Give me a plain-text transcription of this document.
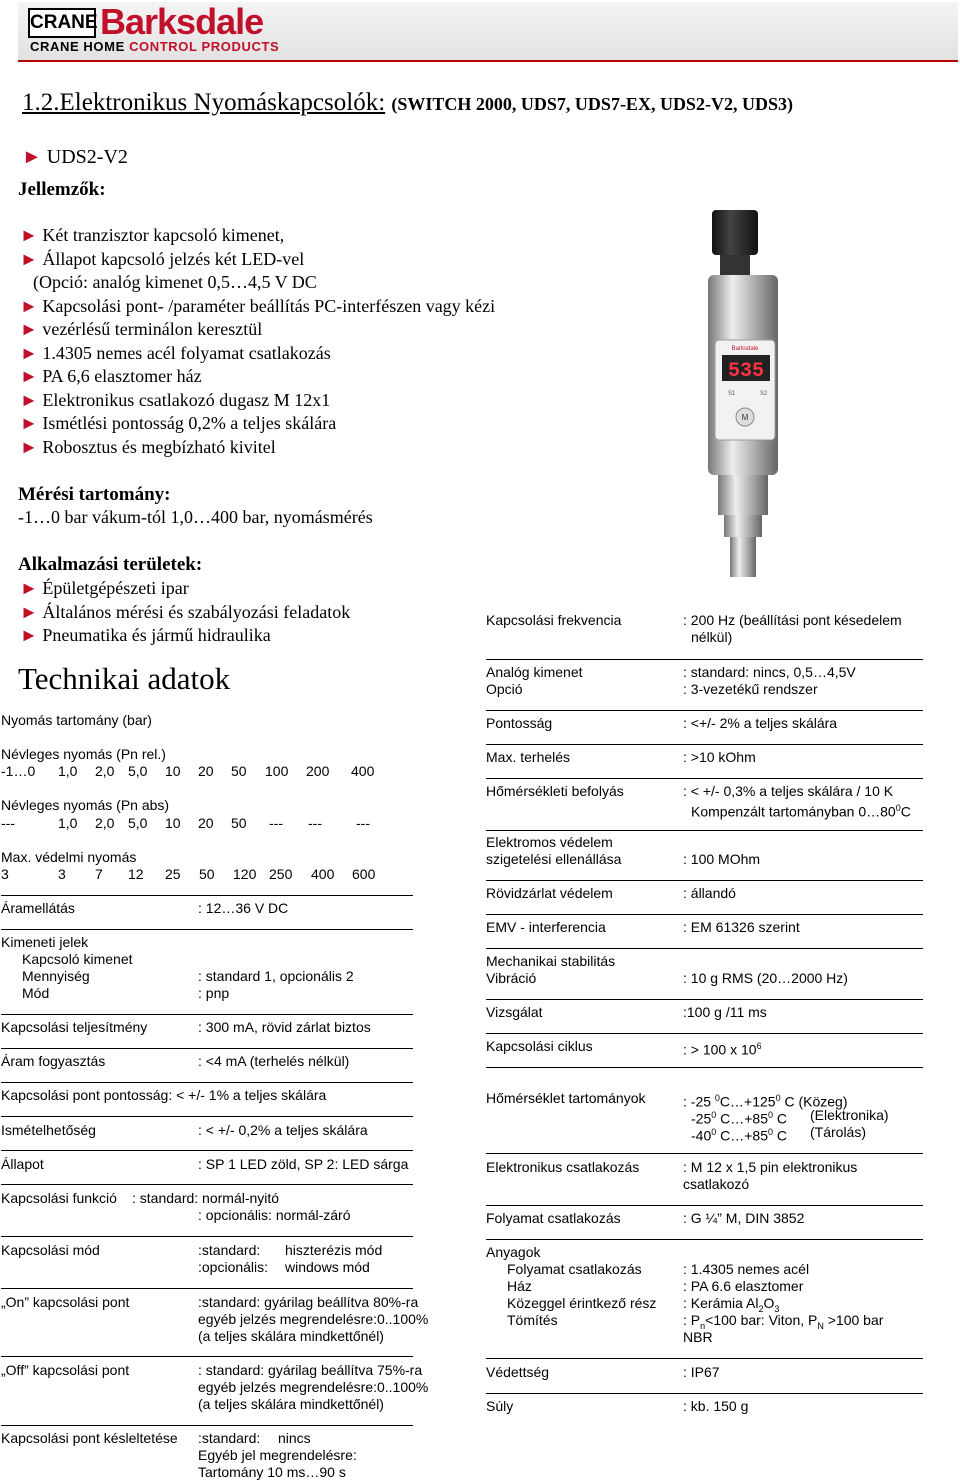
CRANE Barksdale
CRANE HOME CONTROL PRODUCTS
1.2.Elektronikus Nyomáskapcsolók: (SWITCH 2000, UDS7, UDS7-EX, UDS2-V2, UDS3)
► UDS2-V2
Jellemzők:
► Két tranzisztor kapcsoló kimenet,
► Állapot kapcsoló jelzés két LED-vel
(Opció: analóg kimenet 0,5…4,5 V DC
► Kapcsolási pont- /paraméter beállítás PC-interfészen vagy kézi
► vezérlésű terminálon keresztül
► 1.4305 nemes acél folyamat csatlakozás
► PA 6,6 elasztomer ház
► Elektronikus csatlakozó dugasz M 12x1
► Ismétlési pontosság 0,2% a teljes skálára
► Robosztus és megbízható kivitel
Mérési tartomány:
-1…0 bar vákum-tól 1,0…400 bar, nyomásmérés
Alkalmazási területek:
► Épületgépészeti ipar
► Általános mérési és szabályozási feladatok
► Pneumatika és jármű hidraulika
Barksdale
535
S1	S2
M
Technikai adatok
Nyomás tartomány (bar)
Névleges nyomás (Pn rel.)
-1…0 1,0 2,0 5,0 10 20 50 100 200 400
Névleges nyomás (Pn abs)
---	1,0 2,0 5,0 10 20 50 --- --- ---
Max. védelmi nyomás
3	3 7 12 25 50 120 250 400 600
Áramellátás	: 12…36 V DC
Kimeneti jelek
Kapcsoló kimenet
Mennyiség	: standard 1, opcionális 2
Mód	: pnp
Kapcsolási teljesítmény	: 300 mA, rövid zárlat biztos
Áram fogyasztás	: <4 mA (terhelés nélkül)
Kapcsolási pont pontosság: < +/- 1% a teljes skálára
Ismételhetőség	: < +/- 0,2% a teljes skálára
Állapot	: SP 1 LED zöld, SP 2: LED sárga
Kapcsolási funkció : standard: normál-nyitó
: opcionális: normál-záró
Kapcsolási mód	:standard: hiszterézis mód
:opcionális: windows mód
„On” kapcsolási pont	:standard: gyárilag beállítva 80%-ra
egyéb jelzés megrendelésre:0..100%
(a teljes skálára mindkettőnél)
„Off” kapcsolási pont	: standard: gyárilag beállítva 75%-ra
egyéb jelzés megrendelésre:0..100%
(a teljes skálára mindkettőnél)
Kapcsolási pont késleltetése :standard: nincs
Egyéb jel megrendelésre:
Tartomány 10 ms…90 s
Kapcsolási frekvencia	: 200 Hz (beállítási pont késedelem
nélkül)
Analóg kimenet	: standard: nincs, 0,5…4,5V
Opció	: 3-vezetékű rendszer
Pontosság	: <+/- 2% a teljes skálára
Max. terhelés	: >10 kOhm
Hőmérsékleti befolyás	: < +/- 0,3% a teljes skálára / 10 K
Kompenzált tartományban $0\dots 80^0C$
Elektromos védelem
szigetelési ellenállása	: 100 MOhm
Rövidzárlat védelem	: állandó
EMV - interferencia	: EM 61326 szerint
Mechanikai stabilitás
Vibráció	: 10 g RMS (20…2000 Hz)
Vizsgálat	:100 g /11 ms
Kapcsolási ciklus	: > 100 x $10^6$
Hőmérséklet tartományok	: -25 $^0C\dots+125^0$ C (Közeg)
$-25^0$ $C\dots+85^0$ C (Elektronika)
$-40^0$ $C\dots+85^0$ C (Tárolás)
Elektronikus csatlakozás	: M 12 x 1,5 pin elektronikus
csatlakozó
Folyamat csatlakozás	: G ¼” M, DIN 3852
Anyagok
Folyamat csatlakozás	: 1.4305 nemes acél
Ház	: PA 6.6 elasztomer
Közeggel érintkező rész : Kerámia $Al_2O_3$
Tömítés	: $P_n<100$ bar: Viton, $P_N >100$ bar
NBR
Védettség	: IP67
Súly	: kb. 150 g
